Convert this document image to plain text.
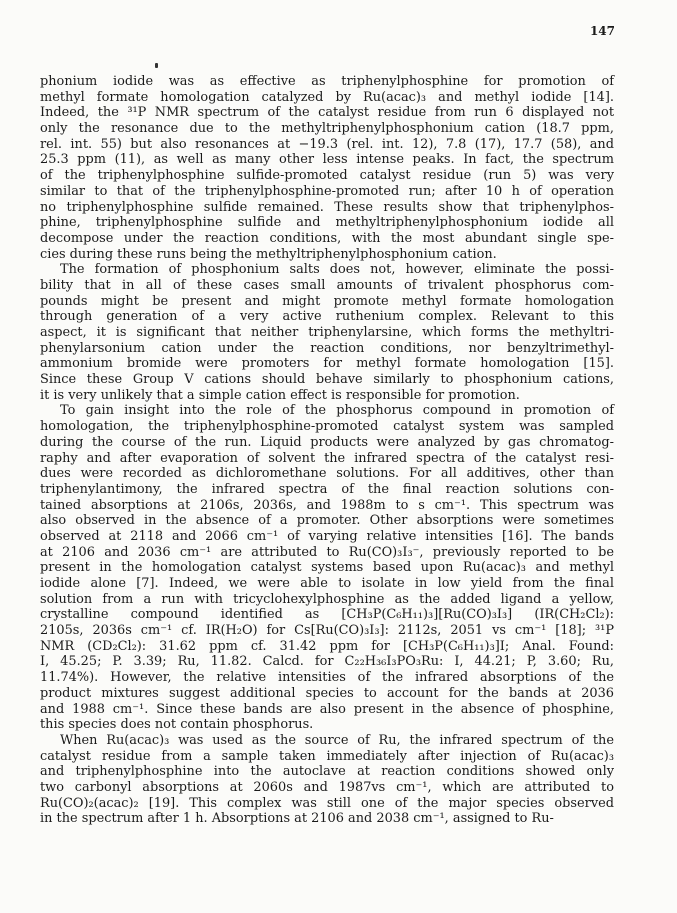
147
phonium iodide was as effective as triphenylphosphine for promotion of
methyl formate homologation catalyzed by Ru(acac)₃ and methyl iodide [14].
Indeed, the ³¹P NMR spectrum of the catalyst residue from run 6 displayed not
only the resonance due to the methyltriphenylphosphonium cation (18.7 ppm,
rel. int. 55) but also resonances at −19.3 (rel. int. 12), 7.8 (17), 17.7 (58), and
25.3 ppm (11), as well as many other less intense peaks. In fact, the spectrum
of the triphenylphosphine sulfide-promoted catalyst residue (run 5) was very
similar to that of the triphenylphosphine-promoted run; after 10 h of operation
no triphenylphosphine sulfide remained. These results show that triphenylphos-
phine, triphenylphosphine sulfide and methyltriphenylphosphonium iodide all
decompose under the reaction conditions, with the most abundant single spe-
cies during these runs being the methyltriphenylphosphonium cation.
The formation of phosphonium salts does not, however, eliminate the possi-
bility that in all of these cases small amounts of trivalent phosphorus com-
pounds might be present and might promote methyl formate homologation
through generation of a very active ruthenium complex. Relevant to this
aspect, it is significant that neither triphenylarsine, which forms the methyltri-
phenylarsonium cation under the reaction conditions, nor benzyltrimethyl-
ammonium bromide were promoters for methyl formate homologation [15].
Since these Group V cations should behave similarly to phosphonium cations,
it is very unlikely that a simple cation effect is responsible for promotion.
To gain insight into the role of the phosphorus compound in promotion of
homologation, the triphenylphosphine-promoted catalyst system was sampled
during the course of the run. Liquid products were analyzed by gas chromatog-
raphy and after evaporation of solvent the infrared spectra of the catalyst resi-
dues were recorded as dichloromethane solutions. For all additives, other than
triphenylantimony, the infrared spectra of the final reaction solutions con-
tained absorptions at 2106s, 2036s, and 1988m to s cm⁻¹. This spectrum was
also observed in the absence of a promoter. Other absorptions were sometimes
observed at 2118 and 2066 cm⁻¹ of varying relative intensities [16]. The bands
at 2106 and 2036 cm⁻¹ are attributed to Ru(CO)₃I₃⁻, previously reported to be
present in the homologation catalyst systems based upon Ru(acac)₃ and methyl
iodide alone [7]. Indeed, we were able to isolate in low yield from the final
solution from a run with tricyclohexylphosphine as the added ligand a yellow,
crystalline compound identified as [CH₃P(C₆H₁₁)₃][Ru(CO)₃I₃] (IR(CH₂Cl₂):
2105s, 2036s cm⁻¹ cf. IR(H₂O) for Cs[Ru(CO)₃I₃]: 2112s, 2051 vs cm⁻¹ [18]; ³¹P
NMR (CD₂Cl₂): 31.62 ppm cf. 31.42 ppm for [CH₃P(C₆H₁₁)₃]I; Anal. Found:
I, 45.25; P. 3.39; Ru, 11.82. Calcd. for C₂₂H₃₆I₃PO₃Ru: I, 44.21; P, 3.60; Ru,
11.74%). However, the relative intensities of the infrared absorptions of the
product mixtures suggest additional species to account for the bands at 2036
and 1988 cm⁻¹. Since these bands are also present in the absence of phosphine,
this species does not contain phosphorus.
When Ru(acac)₃ was used as the source of Ru, the infrared spectrum of the
catalyst residue from a sample taken immediately after injection of Ru(acac)₃
and triphenylphosphine into the autoclave at reaction conditions showed only
two carbonyl absorptions at 2060s and 1987vs cm⁻¹, which are attributed to
Ru(CO)₂(acac)₂ [19]. This complex was still one of the major species observed
in the spectrum after 1 h. Absorptions at 2106 and 2038 cm⁻¹, assigned to Ru-
